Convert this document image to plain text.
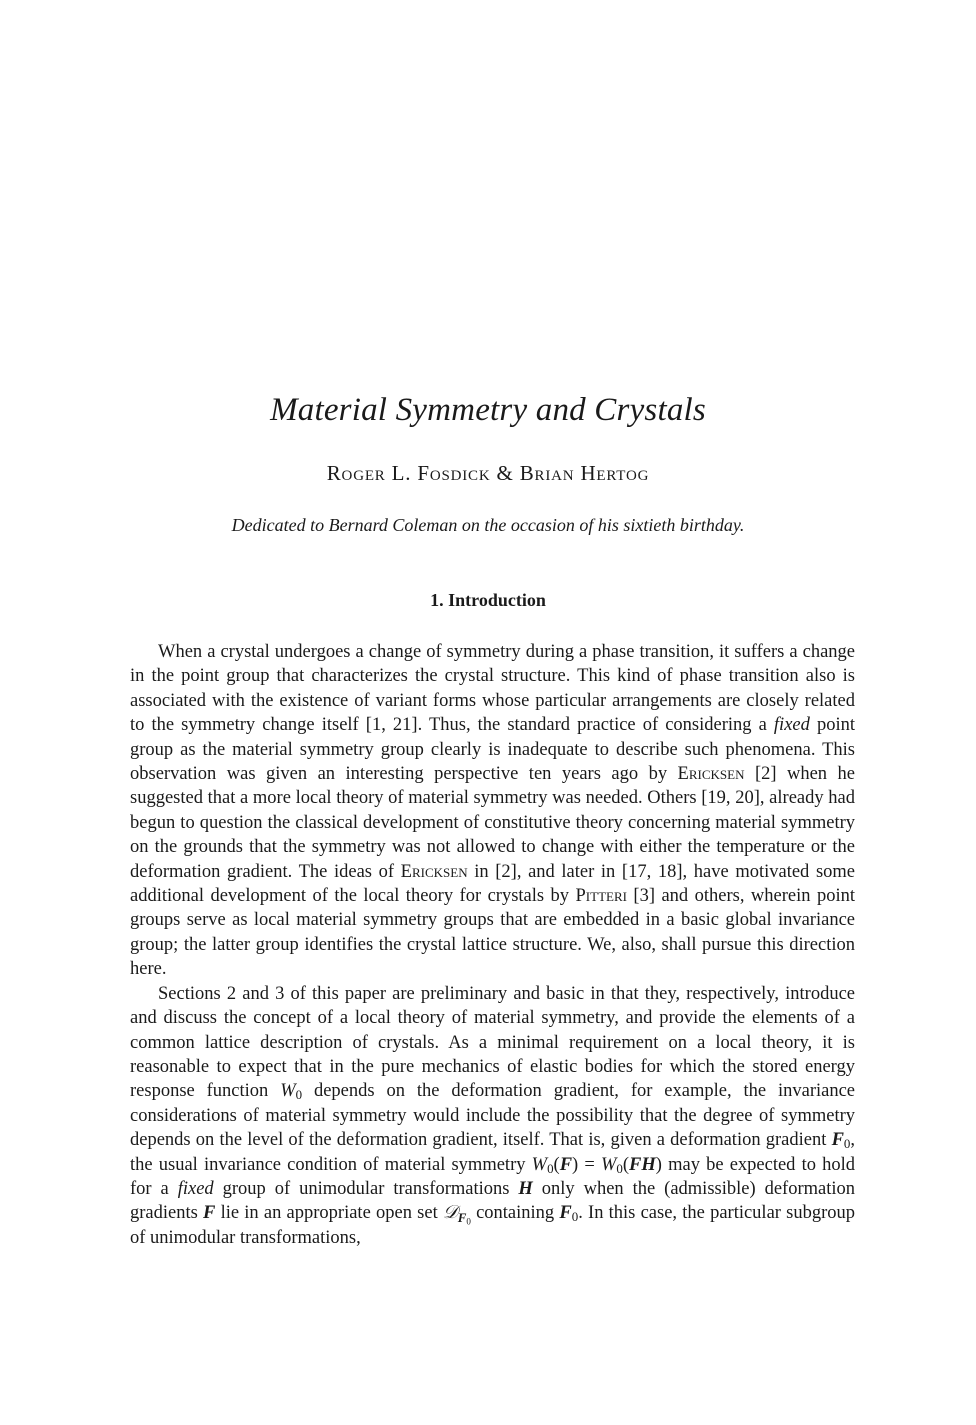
Material Symmetry and Crystals
Roger L. Fosdick & Brian Hertog
Dedicated to Bernard Coleman on the occasion of his sixtieth birthday.
1. Introduction

When a crystal undergoes a change of symmetry during a phase transition, it suffers a change in the point group that characterizes the crystal structure. This kind of phase transition also is associated with the existence of variant forms whose particular arrangements are closely related to the symmetry change itself [1, 21]. Thus, the standard practice of considering a fixed point group as the material symmetry group clearly is inadequate to describe such phenomena. This observation was given an interesting perspective ten years ago by Ericksen [2] when he suggested that a more local theory of material symmetry was needed. Others [19, 20], already had begun to question the classical development of constitutive theory concerning material symmetry on the grounds that the symmetry was not allowed to change with either the temperature or the deformation gradient. The ideas of Ericksen in [2], and later in [17, 18], have motivated some additional development of the local theory for crystals by Pitteri [3] and others, wherein point groups serve as local material symmetry groups that are embedded in a basic global invariance group; the latter group identifies the crystal lattice structure. We, also, shall pursue this direction here.

Sections 2 and 3 of this paper are preliminary and basic in that they, respectively, introduce and discuss the concept of a local theory of material symmetry, and provide the elements of a common lattice description of crystals. As a minimal requirement on a local theory, it is reasonable to expect that in the pure mechanics of elastic bodies for which the stored energy response function $W_0$ depends on the deformation gradient, for example, the invariance considerations of material symmetry would include the possibility that the degree of symmetry depends on the level of the deformation gradient, itself. That is, given a deformation gradient $F_0$, the usual invariance condition of material symmetry $W_0(F) = W_0(FH)$ may be expected to hold for a fixed group of unimodular transformations H only when the (admissible) deformation gradients F lie in an appropriate open set 𝒟$_{F_0}$ containing $F_0$. In this case, the particular subgroup of unimodular transformations,
